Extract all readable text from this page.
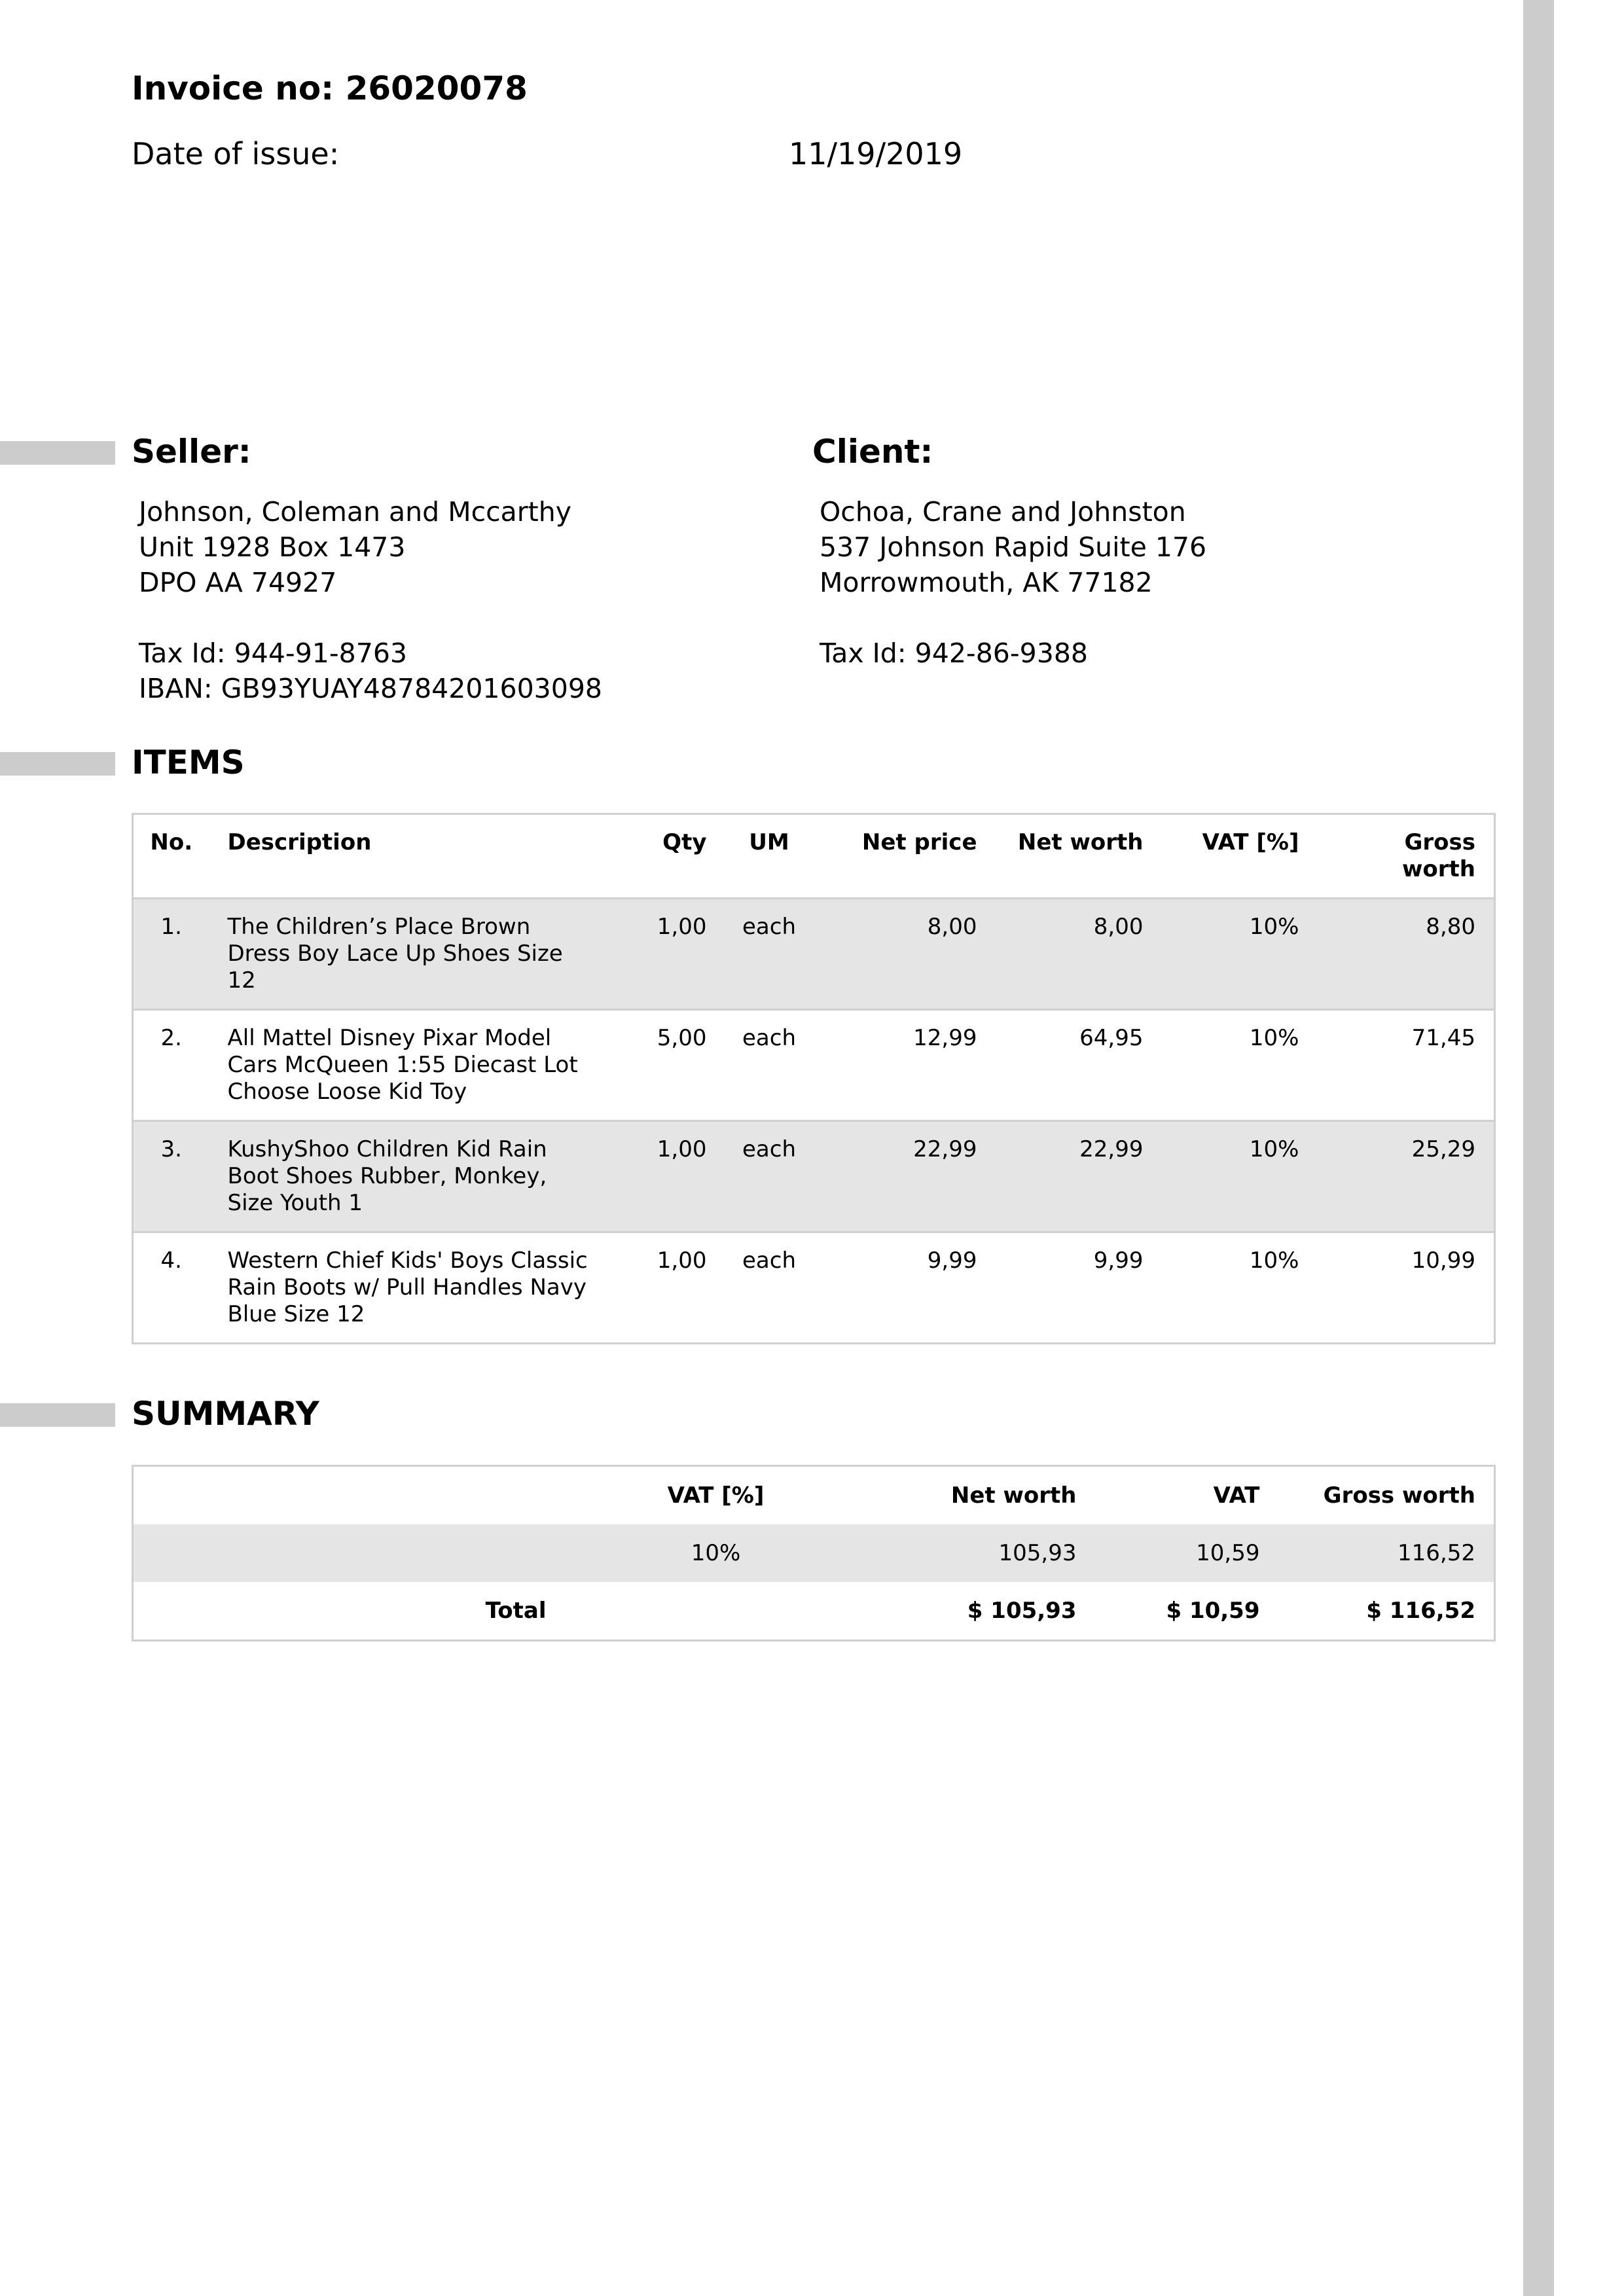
Invoice no: 26020078
Date of issue:	11/19/2019
Seller:	Client:
Johnson, Coleman and Mccarthy
Unit 1928 Box 1473
DPO AA 74927
Tax Id: 944-91-8763
IBAN: GB93YUAY48784201603098
Ochoa, Crane and Johnston
537 Johnson Rapid Suite 176
Morrowmouth, AK 77182
Tax Id: 942-86-9388
ITEMS
No.	Description	Qty	UM	Net price	Net worth	VAT [%]	Gross
worth

1.	The Children’s Place Brown
Dress Boy Lace Up Shoes Size
12	1,00	each	8,00	8,00	10%	8,80
2.	All Mattel Disney Pixar Model
Cars McQueen 1:55 Diecast Lot
Choose Loose Kid Toy	5,00	each	12,99	64,95	10%	71,45
3.	KushyShoo Children Kid Rain
Boot Shoes Rubber, Monkey,
Size Youth 1	1,00	each	22,99	22,99	10%	25,29
4.	Western Chief Kids' Boys Classic
Rain Boots w/ Pull Handles Navy
Blue Size 12	1,00	each	9,99	9,99	10%	10,99
SUMMARY
	VAT [%]	Net worth	VAT	Gross worth
	10%	105,93	10,59	116,52
Total		$ 105,93	$ 10,59	$ 116,52
